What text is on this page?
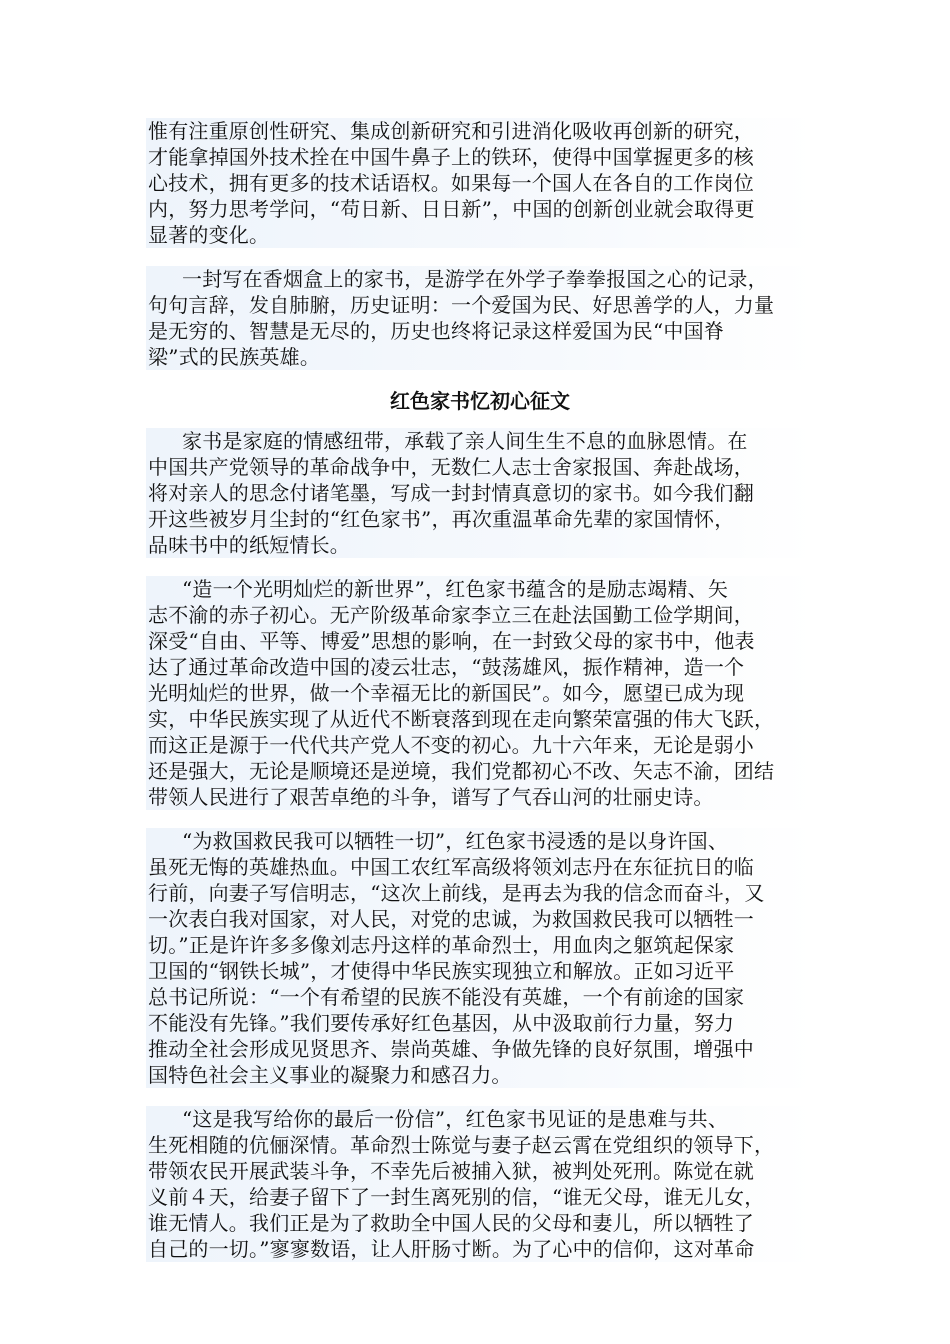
惟有注重原创性研究、集成创新研究和引进消化吸收再创新的研究，
才能拿掉国外技术拴在中国牛鼻子上的铁环，使得中国掌握更多的核
心技术，拥有更多的技术话语权。如果每一个国人在各自的工作岗位
内，努力思考学问，“苟日新、日日新”，中国的创新创业就会取得更
显著的变化。
一封写在香烟盒上的家书，是游学在外学子拳拳报国之心的记录，
句句言辞，发自肺腑，历史证明：一个爱国为民、好思善学的人，力量
是无穷的、智慧是无尽的，历史也终将记录这样爱国为民“中国脊
梁”式的民族英雄。
红色家书忆初心征文
家书是家庭的情感纽带，承载了亲人间生生不息的血脉恩情。在
中国共产党领导的革命战争中，无数仁人志士舍家报国、奔赴战场，
将对亲人的思念付诸笔墨，写成一封封情真意切的家书。如今我们翻
开这些被岁月尘封的“红色家书”，再次重温革命先辈的家国情怀，
品味书中的纸短情长。
“造一个光明灿烂的新世界”，红色家书蕴含的是励志竭精、矢
志不渝的赤子初心。无产阶级革命家李立三在赴法国勤工俭学期间，
深受“自由、平等、博爱”思想的影响，在一封致父母的家书中，他表
达了通过革命改造中国的凌云壮志，“鼓荡雄风，振作精神，造一个
光明灿烂的世界，做一个幸福无比的新国民”。如今，愿望已成为现
实，中华民族实现了从近代不断衰落到现在走向繁荣富强的伟大飞跃，
而这正是源于一代代共产党人不变的初心。九十六年来，无论是弱小
还是强大，无论是顺境还是逆境，我们党都初心不改、矢志不渝，团结
带领人民进行了艰苦卓绝的斗争，谱写了气吞山河的壮丽史诗。
“为救国救民我可以牺牲一切”，红色家书浸透的是以身许国、
虽死无悔的英雄热血。中国工农红军高级将领刘志丹在东征抗日的临
行前，向妻子写信明志，“这次上前线，是再去为我的信念而奋斗，又
一次表白我对国家，对人民，对党的忠诚，为救国救民我可以牺牲一
切。”正是许许多多像刘志丹这样的革命烈士，用血肉之躯筑起保家
卫国的“钢铁长城”，才使得中华民族实现独立和解放。正如习近平
总书记所说：“一个有希望的民族不能没有英雄，一个有前途的国家
不能没有先锋。”我们要传承好红色基因，从中汲取前行力量，努力
推动全社会形成见贤思齐、崇尚英雄、争做先锋的良好氛围，增强中
国特色社会主义事业的凝聚力和感召力。
“这是我写给你的最后一份信”，红色家书见证的是患难与共、
生死相随的伉俪深情。革命烈士陈觉与妻子赵云霄在党组织的领导下，
带领农民开展武装斗争，不幸先后被捕入狱，被判处死刑。陈觉在就
义前４天，给妻子留下了一封生离死别的信，“谁无父母，谁无儿女，
谁无情人。我们正是为了救助全中国人民的父母和妻儿，所以牺牲了
自己的一切。”寥寥数语，让人肝肠寸断。为了心中的信仰，这对革命
